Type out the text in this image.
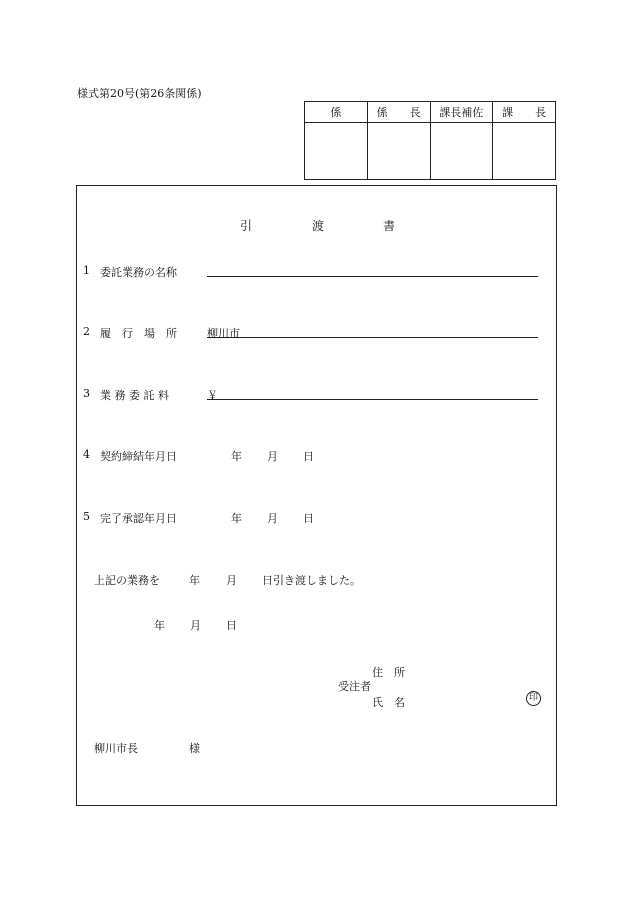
様式第20号(第26条関係)
係	係　　長	課長補佐	課　　長

引	渡	書
1 委託業務の名称
2 履　行　場　所	柳川市
3 業 務 委 託 料	￥
4 契約締結年月日	年 月 日
5 完了承認年月日	年 月 日
上記の業務を	年 月 日引き渡しました。
年 月 日
住　所
受注者
氏　名	印
柳川市長	様
